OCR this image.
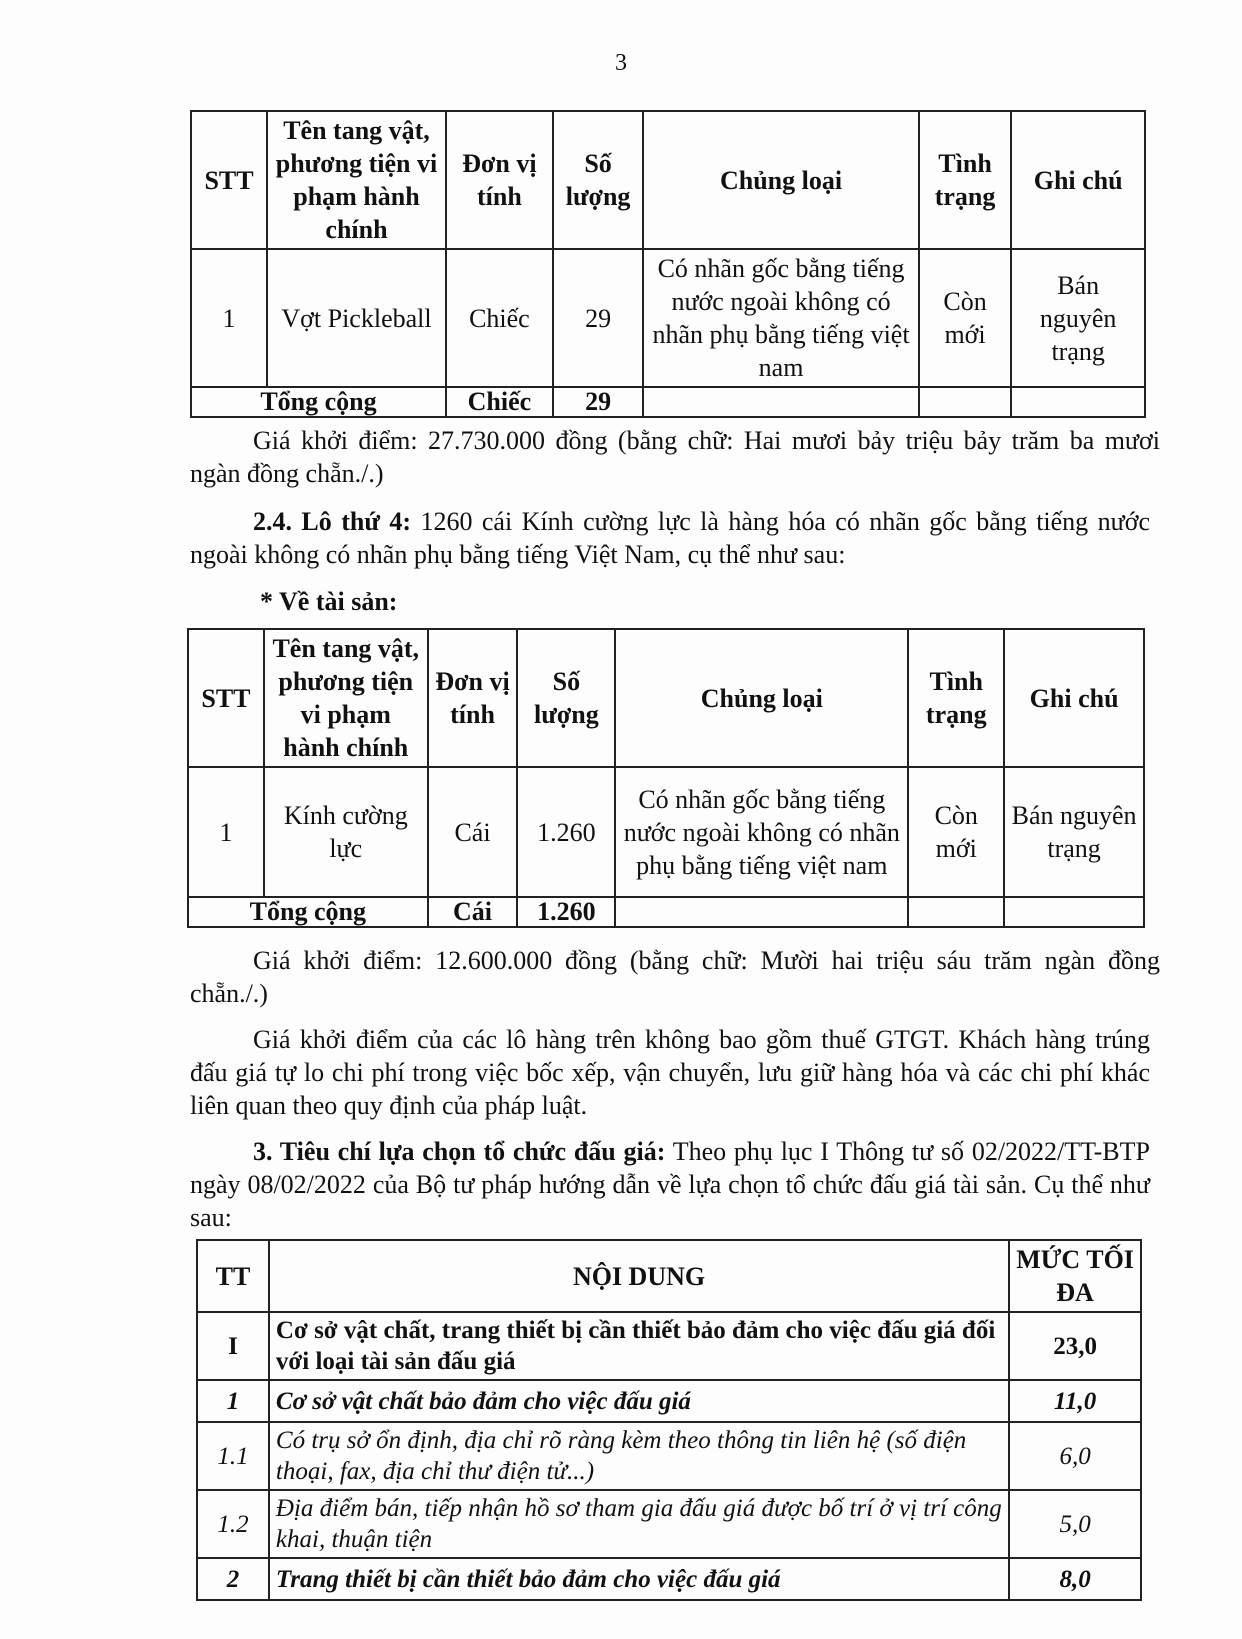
3
STT	Tên tang vật, phương tiện vi phạm hành chính	Đơn vị tính	Số lượng	Chủng loại	Tình trạng	Ghi chú
1	Vợt Pickleball	Chiếc	29	Có nhãn gốc bằng tiếng nước ngoài không có nhãn phụ bằng tiếng việt nam	Còn mới	Bán nguyên trạng
Tổng cộng		Chiếc	29			
Giá khởi điểm: 27.730.000 đồng (bằng chữ: Hai mươi bảy triệu bảy trăm ba mươi ngàn đồng chẵn./.)
2.4. Lô thứ 4: 1260 cái Kính cường lực là hàng hóa có nhãn gốc bằng tiếng nước ngoài không có nhãn phụ bằng tiếng Việt Nam, cụ thể như sau:
* Về tài sản:
STT	Tên tang vật, phương tiện vi phạm hành chính	Đơn vị tính	Số lượng	Chủng loại	Tình trạng	Ghi chú
1	Kính cường lực	Cái	1.260	Có nhãn gốc bằng tiếng nước ngoài không có nhãn phụ bằng tiếng việt nam	Còn mới	Bán nguyên trạng
Tổng cộng		Cái	1.260			
Giá khởi điểm: 12.600.000 đồng (bằng chữ: Mười hai triệu sáu trăm ngàn đồng chẵn./.)
Giá khởi điểm của các lô hàng trên không bao gồm thuế GTGT. Khách hàng trúng đấu giá tự lo chi phí trong việc bốc xếp, vận chuyển, lưu giữ hàng hóa và các chi phí khác liên quan theo quy định của pháp luật.
3. Tiêu chí lựa chọn tổ chức đấu giá: Theo phụ lục I Thông tư số 02/2022/TT-BTP ngày 08/02/2022 của Bộ tư pháp hướng dẫn về lựa chọn tổ chức đấu giá tài sản. Cụ thể như sau:
TT	NỘI DUNG	MỨC TỐI ĐA
I	Cơ sở vật chất, trang thiết bị cần thiết bảo đảm cho việc đấu giá đối với loại tài sản đấu giá	23,0
1	Cơ sở vật chất bảo đảm cho việc đấu giá	11,0
1.1	Có trụ sở ổn định, địa chỉ rõ ràng kèm theo thông tin liên hệ (số điện thoại, fax, địa chỉ thư điện tử...)	6,0
1.2	Địa điểm bán, tiếp nhận hồ sơ tham gia đấu giá được bố trí ở vị trí công khai, thuận tiện	5,0
2	Trang thiết bị cần thiết bảo đảm cho việc đấu giá	8,0
